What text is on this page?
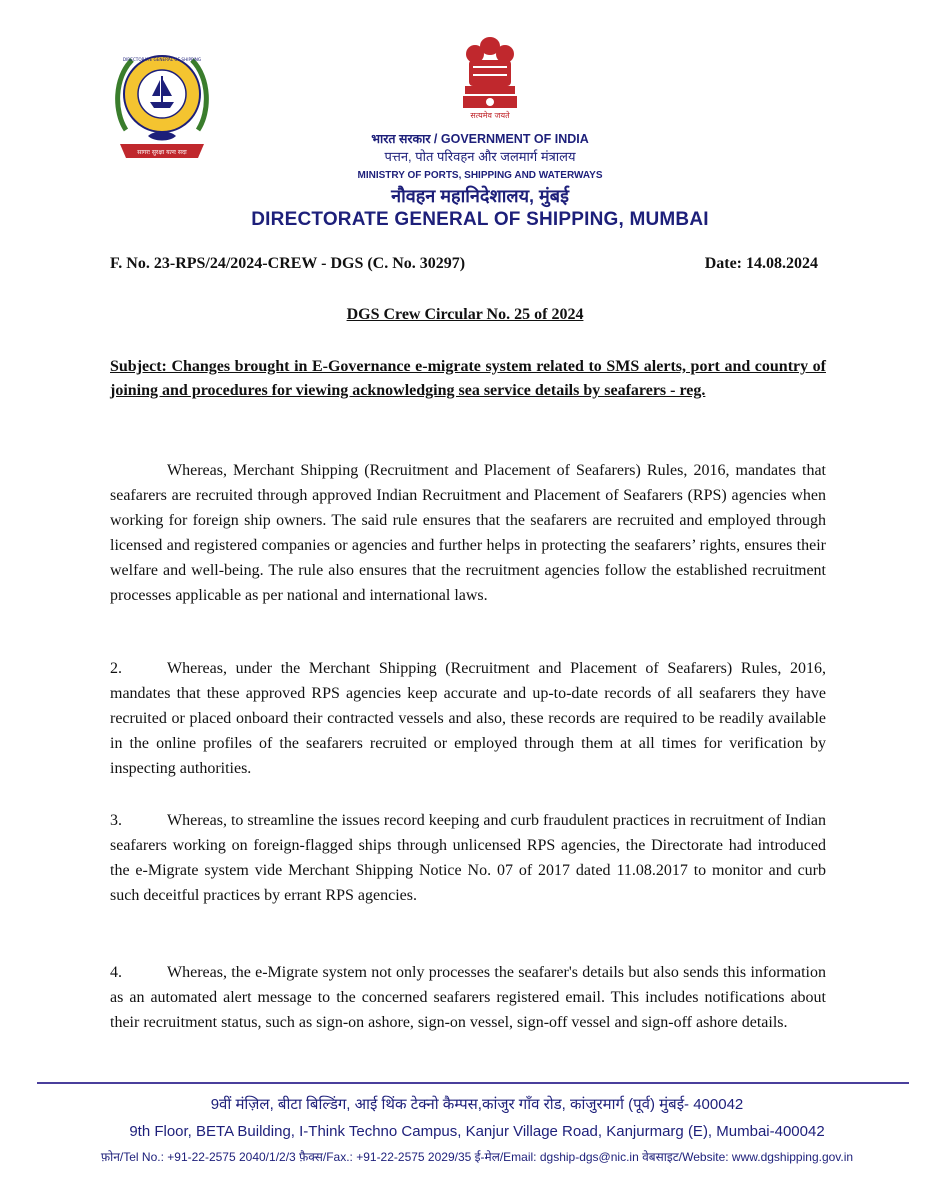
सागरः सुरक्षा यत्नः सदा
DIRECTORATE GENERAL OF SHIPPING
सत्यमेव जयते
भारत सरकार / GOVERNMENT OF INDIA
पत्तन, पोत परिवहन और जलमार्ग मंत्रालय
MINISTRY OF PORTS, SHIPPING AND WATERWAYS
नौवहन महानिदेशालय, मुंबई
DIRECTORATE GENERAL OF SHIPPING, MUMBAI
F. No. 23-RPS/24/2024-CREW - DGS (C. No. 30297)	Date: 14.08.2024
DGS Crew Circular No. 25 of 2024
Subject: Changes brought in E-Governance e-migrate system related to SMS alerts, port and country of joining and procedures for viewing acknowledging sea service details by seafarers - reg.
Whereas, Merchant Shipping (Recruitment and Placement of Seafarers) Rules, 2016, mandates that seafarers are recruited through approved Indian Recruitment and Placement of Seafarers (RPS) agencies when working for foreign ship owners. The said rule ensures that the seafarers are recruited and employed through licensed and registered companies or agencies and further helps in protecting the seafarers’ rights, ensures their welfare and well-being. The rule also ensures that the recruitment agencies follow the established recruitment processes applicable as per national and international laws.
2.	Whereas, under the Merchant Shipping (Recruitment and Placement of Seafarers) Rules, 2016, mandates that these approved RPS agencies keep accurate and up-to-date records of all seafarers they have recruited or placed onboard their contracted vessels and also, these records are required to be readily available in the online profiles of the seafarers recruited or employed through them at all times for verification by inspecting authorities.
3.	Whereas, to streamline the issues record keeping and curb fraudulent practices in recruitment of Indian seafarers working on foreign-flagged ships through unlicensed RPS agencies, the Directorate had introduced the e-Migrate system vide Merchant Shipping Notice No. 07 of 2017 dated 11.08.2017 to monitor and curb such deceitful practices by errant RPS agencies.
4.	Whereas, the e-Migrate system not only processes the seafarer's details but also sends this information as an automated alert message to the concerned seafarers registered email. This includes notifications about their recruitment status, such as sign-on ashore, sign-on vessel, sign-off vessel and sign-off ashore details.
9वीं मंज़िल, बीटा बिल्डिंग, आई थिंक टेक्नो कैम्पस,कांजुर गाँव रोड, कांजुरमार्ग (पूर्व) मुंबई- 400042
9th Floor, BETA Building, I-Think Techno Campus, Kanjur Village Road, Kanjurmarg (E), Mumbai-400042
फ़ोन/Tel No.: +91-22-2575 2040/1/2/3 फ़ैक्स/Fax.: +91-22-2575 2029/35 ई-मेल/Email: dgship-dgs@nic.in वेबसाइट/Website: www.dgshipping.gov.in
